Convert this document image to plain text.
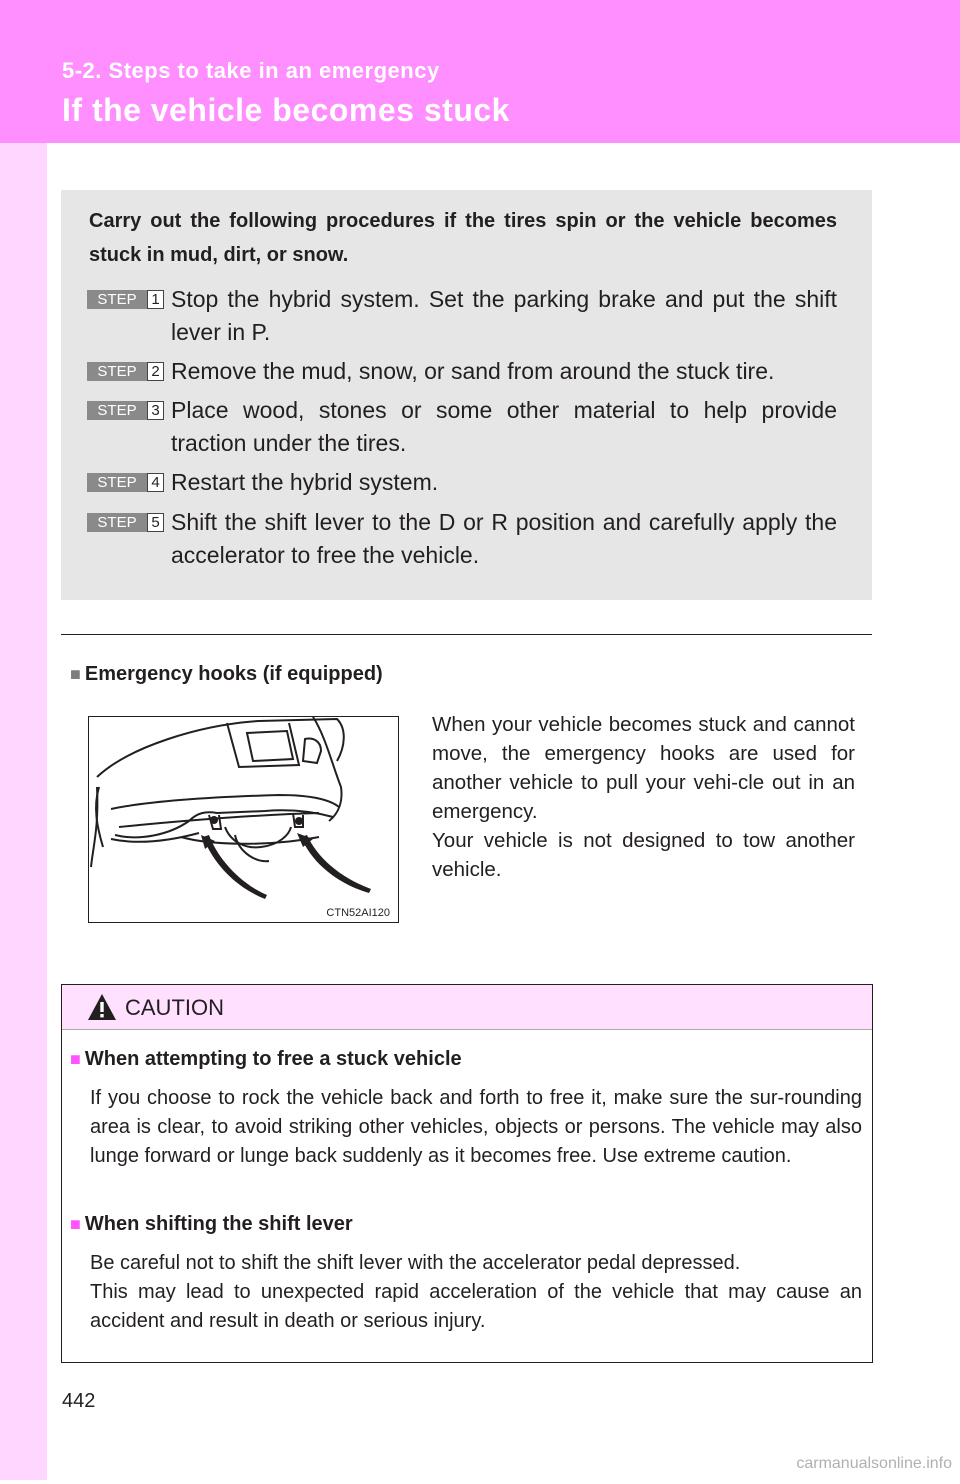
5-2. Steps to take in an emergency
If the vehicle becomes stuck
Carry out the following procedures if the tires spin or the vehicle becomes stuck in mud, dirt, or snow.
STEP 1 Stop the hybrid system. Set the parking brake and put the shift lever in P.
STEP 2 Remove the mud, snow, or sand from around the stuck tire.
STEP 3 Place wood, stones or some other material to help provide traction under the tires.
STEP 4 Restart the hybrid system.
STEP 5 Shift the shift lever to the D or R position and carefully apply the accelerator to free the vehicle.
■ Emergency hooks (if equipped)
CTN52AI120

When your vehicle becomes stuck and cannot move, the emergency hooks are used for another vehicle to pull your vehi-cle out in an emergency.

Your vehicle is not designed to tow another vehicle.

CAUTION
■ When attempting to free a stuck vehicle

If you choose to rock the vehicle back and forth to free it, make sure the sur-rounding area is clear, to avoid striking other vehicles, objects or persons. The vehicle may also lunge forward or lunge back suddenly as it becomes free. Use extreme caution.

■ When shifting the shift lever

Be careful not to shift the shift lever with the accelerator pedal depressed.

This may lead to unexpected rapid acceleration of the vehicle that may cause an accident and result in death or serious injury.

442
carmanualsonline.info
